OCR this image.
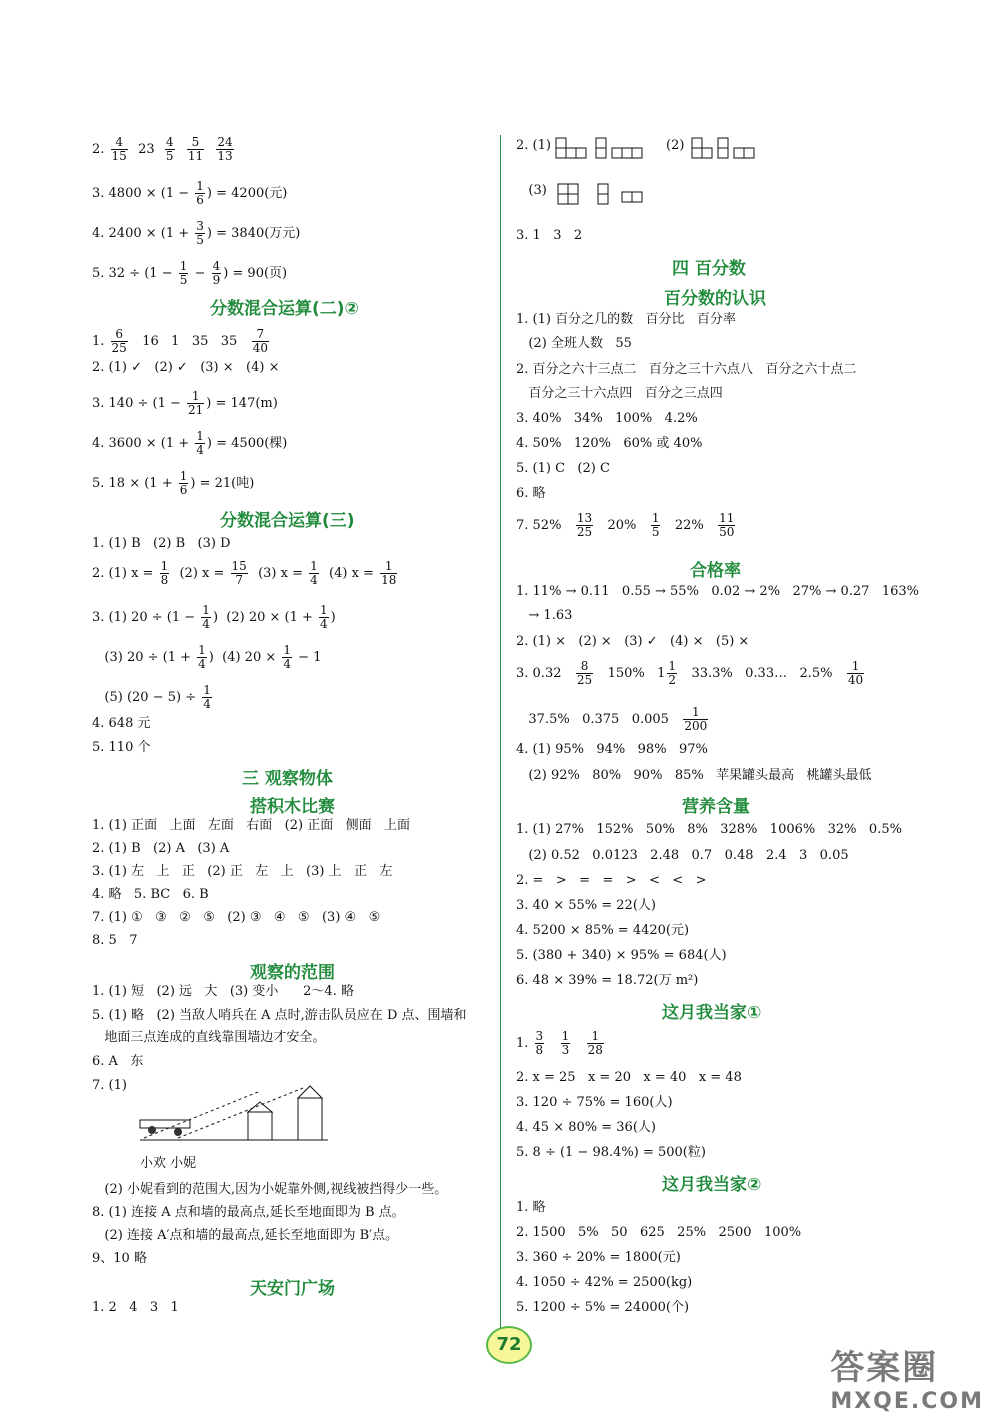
2. $\frac{4}{15} 23 \frac{4}{5}$
$\frac{5}{11}$
$\frac{24}{13}$
3. $4800 \times (1 - \frac{1}{6}$ ) = 4200(元)
4. $2400 \times (1 + \frac{3}{5}$ ) = 3840(万元)
5. $32 \div (1 - \frac{1}{5} - \frac{4}{9}$ ) = 90(页)
分数混合运算(二)②
1. $\frac{6}{25} 16$   1   35   $35 \frac{7}{40}$
2. (1) ✓   (2) ✓   (3) ×   (4) ×
3. $140 \div (1 - \frac{1}{21}$ ) = 147(m)
4. $3600 \times (1 + \frac{1}{4}$ ) = 4500(棵)
5. $18 \times (1 + \frac{1}{6}$ ) = 21(吨)
分数混合运算(三)
1. (1) B   (2) B   (3) D
2. (1) $x = \frac{1}{8} (2) x = \frac{15}{7} (3) x = \frac{1}{4} (4) x = \frac{1}{18}$
3. (1) $20 \div (1 - \frac{1}{4}$ )  (2) $20 \times (1 + \frac{1}{4}$ )
(3) $20 \div (1 + \frac{1}{4}$ )  (4) $20 \times \frac{1}{4} - 1$
(5) $(20 - 5) \div \frac{1}{4}$
4. 648 元
5. 110 个
三 观察物体
搭积木比赛
1. (1) 正面   上面   左面   右面   (2) 正面   侧面   上面
2. (1) B   (2) A   (3) A
3. (1) 左   上   正   (2) 正   左   上   (3) 上   正   左
4. 略   5. BC   6. B
7. (1) ①   ③   ②   ⑤   (2) ③   ④   ⑤   (3) ④   ⑤
8. 5   7
观察的范围
1. (1) 短   (2) 远   大   (3) 变小      2～4. 略
5. (1) 略   (2) 当敌人哨兵在 A 点时,游击队员应在 D 点、围墙和
地面三点连成的直线靠围墙边才安全。
6. A   东
7. (1)
(2) 小妮看到的范围大,因为小妮靠外侧,视线被挡得少一些。
8. (1) 连接 A 点和墙的最高点,延长至地面即为 B 点。
(2) 连接 A′点和墙的最高点,延长至地面即为 B′点。
9、10 略
天安门广场
1. 2   4   3   1
2. (1)	(2)
(3)
3. 1   3   2
四 百分数
百分数的认识
1. (1) 百分之几的数   百分比   百分率
(2) 全班人数   55
2. 百分之六十三点二   百分之三十六点八   百分之六十点二
百分之三十六点四   百分之三点四
3. 40%   34%   100%   4.2%
4. 50%   120%   60% 或 40%
5. (1) C   (2) C
6. 略
7. $52\% \frac{13}{25} 20\% \frac{1}{5} 22\% \frac{11}{50}$
合格率
1. 11% → 0.11   0.55 → 55%   0.02 → 2%   27% → 0.27   163%
→ 1.63
2. (1) ×   (2) ×   (3) ✓   (4) ×   (5) ×
3. $0.32 \frac{8}{25} 150\%$   $1 \frac{1}{2} 33.3\%$   0.33…   $2.5\% \frac{1}{40}$
37.5%   0.375   $0.005 \frac{1}{200}$
4. (1) 95%   94%   98%   97%
(2) 92%   80%   90%   85%   苹果罐头最高   桃罐头最低
营养含量
1. (1) 27%   152%   50%   8%   328%   1006%   32%   0.5%
(2) 0.52   0.0123   2.48   0.7   0.48   2.4   3   0.05
2. =   >   =   =   >   <   <   >
3. 40 × 55% = 22(人)
4. 5200 × 85% = 4420(元)
5. (380 + 340) × 95% = 684(人)
6. 48 × 39% = 18.72(万 m²)
这月我当家①
1. $\frac{3}{8}$
$\frac{1}{3}$
$\frac{1}{28}$
2. x = 25   x = 20   x = 40   x = 48
3. 120 ÷ 75% = 160(人)
4. 45 × 80% = 36(人)
5. 8 ÷ (1 − 98.4%) = 500(粒)
这月我当家②
1. 略
2. 1500   5%   50   625   25%   2500   100%
3. 360 ÷ 20% = 1800(元)
4. 1050 ÷ 42% = 2500(kg)
5. 1200 ÷ 5% = 24000(个)
小欢 小妮
72
答案圈
MXQE.COM
